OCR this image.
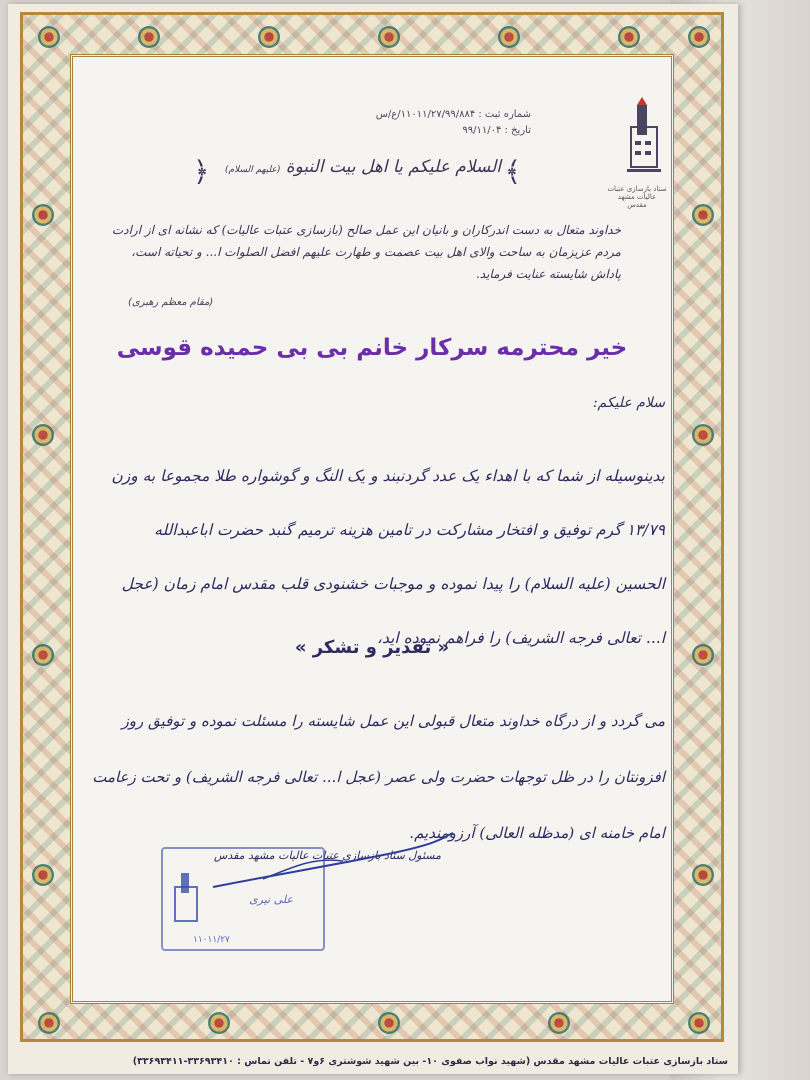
ستاد بازسازی عتبات عالیات مشهد مقدس
شماره ثبت : ۱۱۰۱۱/۲۷/۹۹/۸۸۴/ع/س
تاریخ : ۹۹/۱۱/۰۴
﴾
السلام علیکم یا اهل بیت النبوة (علیهم السلام)
﴿
خداوند متعال به دست اندرکاران و بانیان این عمل صالح (بازسازی عتبات عالیات) که نشانه ای از ارادت مردم عزیزمان به ساحت والای اهل بیت عصمت و طهارت علیهم افضل الصلوات ا... و تحیاته است، پاداش شایسته عنایت فرماید.
(مقام معظم رهبری)
خیر محترمه سرکار خانم بی بی حمیده قوسی
سلام علیکم:
بدینوسیله از شما که با اهداء یک عدد گردنبند و یک النگ و گوشواره طلا مجموعا به وزن ۱۳/۷۹ گرم توفیق و افتخار مشارکت در تامین هزینه ترمیم گنبد حضرت اباعبدالله الحسین (علیه السلام) را پیدا نموده و موجبات خشنودی قلب مقدس امام زمان (عجل ا... تعالی فرجه الشریف) را فراهم نموده اید،
« تقدیر و تشکر »
می گردد و از درگاه خداوند متعال قبولی این عمل شایسته را مسئلت نموده و توفیق روز افزونتان را در ظل توجهات حضرت ولی عصر (عجل ا... تعالی فرجه الشریف) و تحت زعامت امام خامنه ای (مدظله العالی) آرزومندیم.
مسئول ستاد بازسازی عتبات عالیات مشهد مقدس
علی نیری
۱۱۰۱۱/۲۷
ستاد بازسازی عتبات عالیات مشهد مقدس (شهید نواب صفوی ۱۰- بین شهید شوشتری ۶و۷ - تلفن تماس : ۳۳۶۹۳۴۱۰-۳۳۶۹۳۴۱۱)
